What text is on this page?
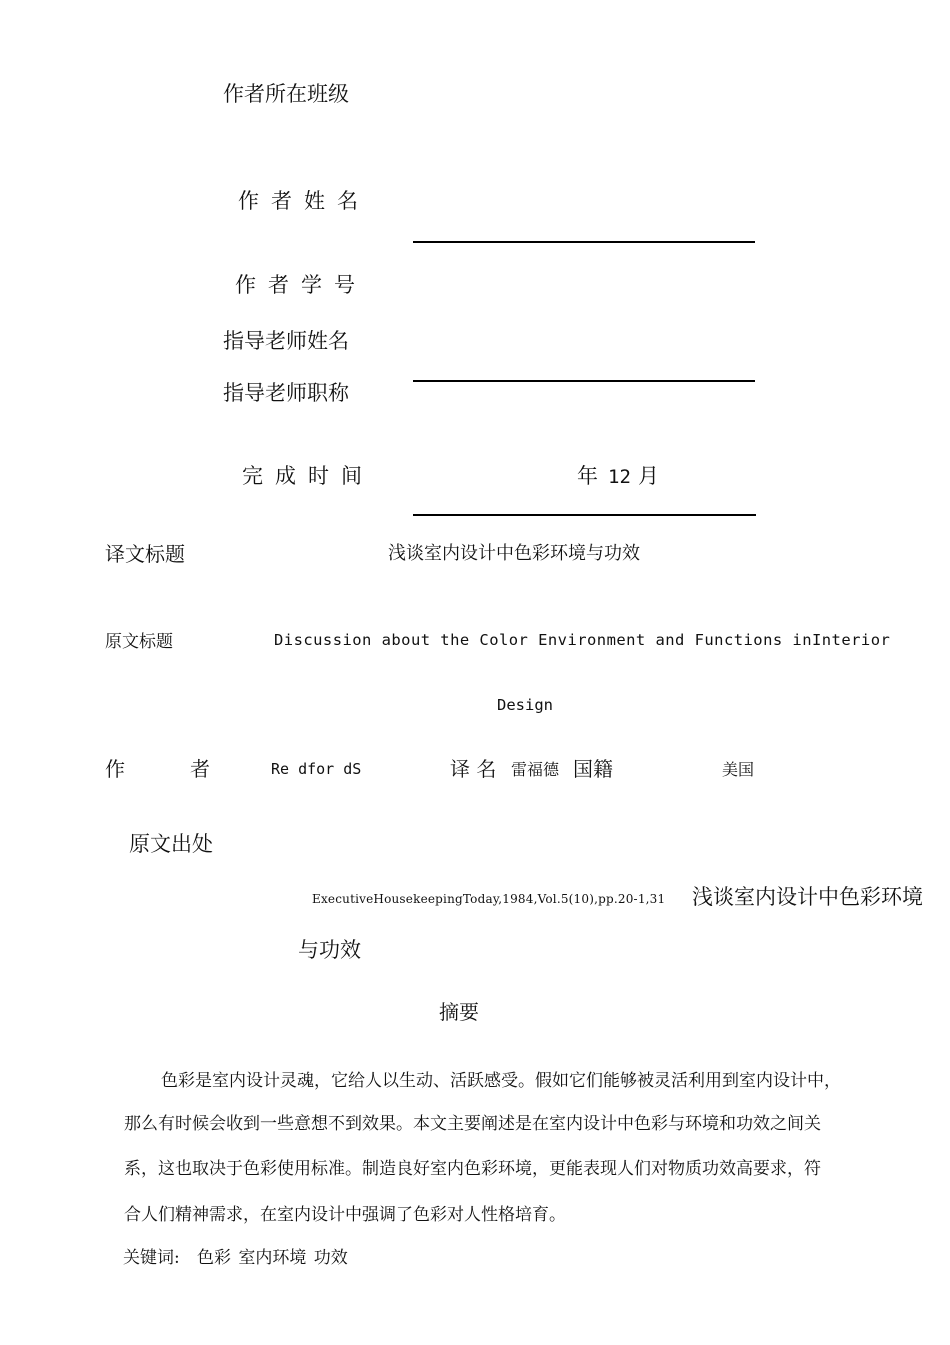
作者所在班级
作者姓名
作者学号
指导老师姓名
指导老师职称
完成时间	年 12 月
译文标题	浅谈室内设计中色彩环境与功效
原文标题	Discussion about the Color Environment and Functions inInterior
Design
作	者	Re dfor dS	译 名 雷福德 国籍	美国
原文出处
ExecutiveHousekeepingToday,1984,Vol.5(10),pp.20-1,31 浅谈室内设计中色彩环境
与功效
摘要
色彩是室内设计灵魂，它给人以生动、活跃感受。假如它们能够被灵活利用到室内设计中，
那么有时候会收到一些意想不到效果。本文主要阐述是在室内设计中色彩与环境和功效之间关
系，这也取决于色彩使用标准。制造良好室内色彩环境，更能表现人们对物质功效高要求，符
合人们精神需求，在室内设计中强调了色彩对人性格培育。
关键词: 色彩 室内环境 功效
